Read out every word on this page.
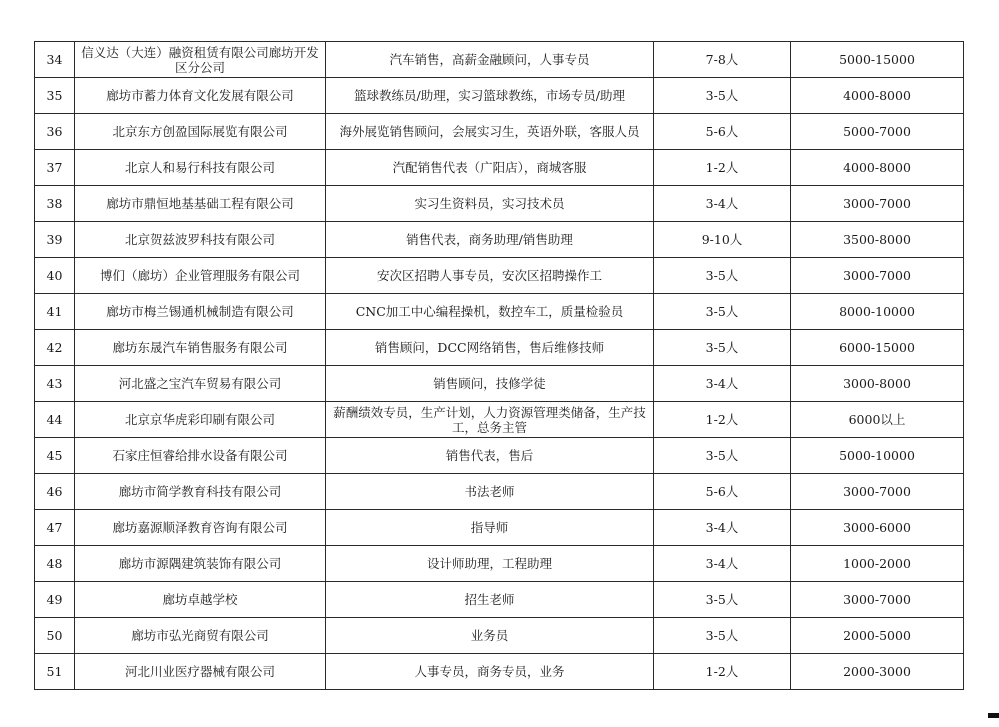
34	信义达（大连）融资租赁有限公司廊坊开发区分公司	汽车销售，高薪金融顾问，人事专员	7-8人	5000-15000
35	廊坊市蓄力体育文化发展有限公司	篮球教练员/助理，实习篮球教练，市场专员/助理	3-5人	4000-8000
36	北京东方创盈国际展览有限公司	海外展览销售顾问，会展实习生，英语外联，客服人员	5-6人	5000-7000
37	北京人和易行科技有限公司	汽配销售代表（广阳店），商城客服	1-2人	4000-8000
38	廊坊市鼎恒地基基础工程有限公司	实习生资料员，实习技术员	3-4人	3000-7000
39	北京贺兹波罗科技有限公司	销售代表，商务助理/销售助理	9-10人	3500-8000
40	博们（廊坊）企业管理服务有限公司	安次区招聘人事专员，安次区招聘操作工	3-5人	3000-7000
41	廊坊市梅兰锡通机械制造有限公司	CNC加工中心编程操机，数控车工，质量检验员	3-5人	8000-10000
42	廊坊东晟汽车销售服务有限公司	销售顾问，DCC网络销售，售后维修技师	3-5人	6000-15000
43	河北盛之宝汽车贸易有限公司	销售顾问，技修学徒	3-4人	3000-8000
44	北京京华虎彩印刷有限公司	薪酬绩效专员，生产计划，人力资源管理类储备，生产技工，总务主管	1-2人	6000以上
45	石家庄恒睿给排水设备有限公司	销售代表，售后	3-5人	5000-10000
46	廊坊市简学教育科技有限公司	书法老师	5-6人	3000-7000
47	廊坊嘉源顺泽教育咨询有限公司	指导师	3-4人	3000-6000
48	廊坊市源隅建筑装饰有限公司	设计师助理，工程助理	3-4人	1000-2000
49	廊坊卓越学校	招生老师	3-5人	3000-7000
50	廊坊市弘光商贸有限公司	业务员	3-5人	2000-5000
51	河北川业医疗器械有限公司	人事专员，商务专员，业务	1-2人	2000-3000
